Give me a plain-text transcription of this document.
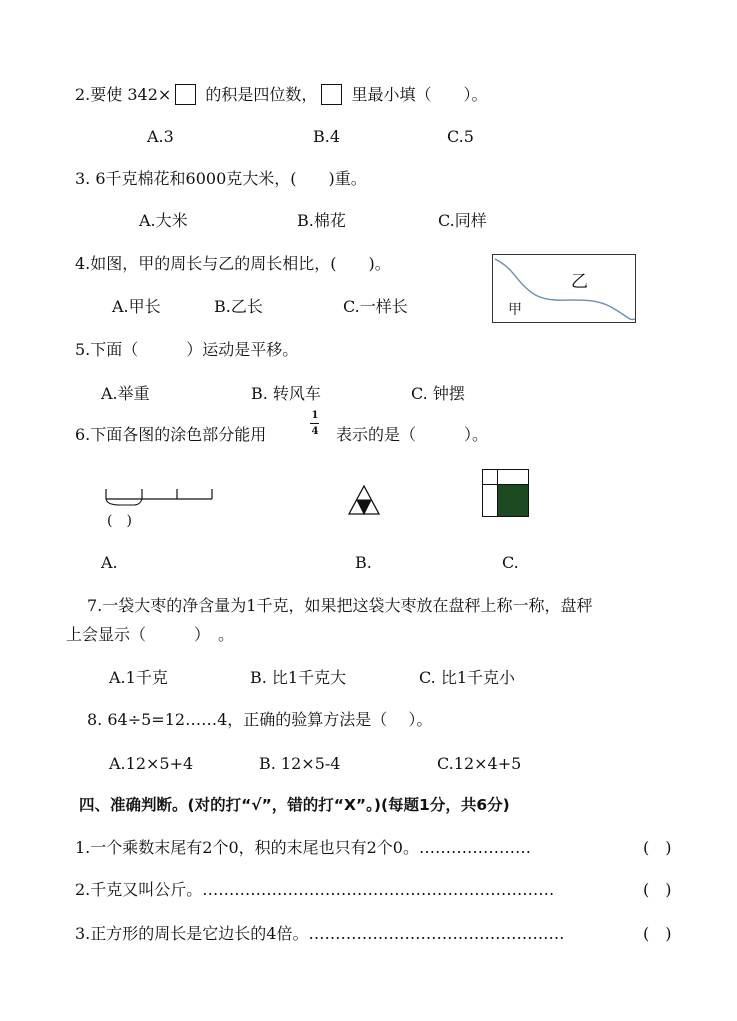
2.要使 342× 的积是四位数， 里最小填（　　）。
A.3	B.4	C.5
3. 6千克棉花和6000克大米，(　　)重。
A.大米	B.棉花	C.同样
4.如图，甲的周长与乙的周长相比，(　　)。
乙
甲
A.甲长	B.乙长	C.一样长
5.下面（　　　）运动是平移。
A.举重	B. 转风车	C. 钟摆
6.下面各图的涂色部分能用
1
4 表示的是（　　　）。
(　)
A.	B.	C.
7.一袋大枣的净含量为1千克，如果把这袋大枣放在盘秤上称一称，盘秤
上会显示（　　　）　。
A.1千克	B. 比1千克大	C. 比1千克小
8. 64÷5=12……4，正确的验算方法是（　 ）。
A.12×5+4	B. 12×5-4	C.12×4+5
四、准确判断。(对的打“√”，错的打“X”。)(每题1分，共6分)
1.一个乘数末尾有2个0，积的末尾也只有2个0。…………………	(　)
2.千克又叫公斤。…………………………………………………………	(　)
3.正方形的周长是它边长的4倍。…………………………………………	(　)
